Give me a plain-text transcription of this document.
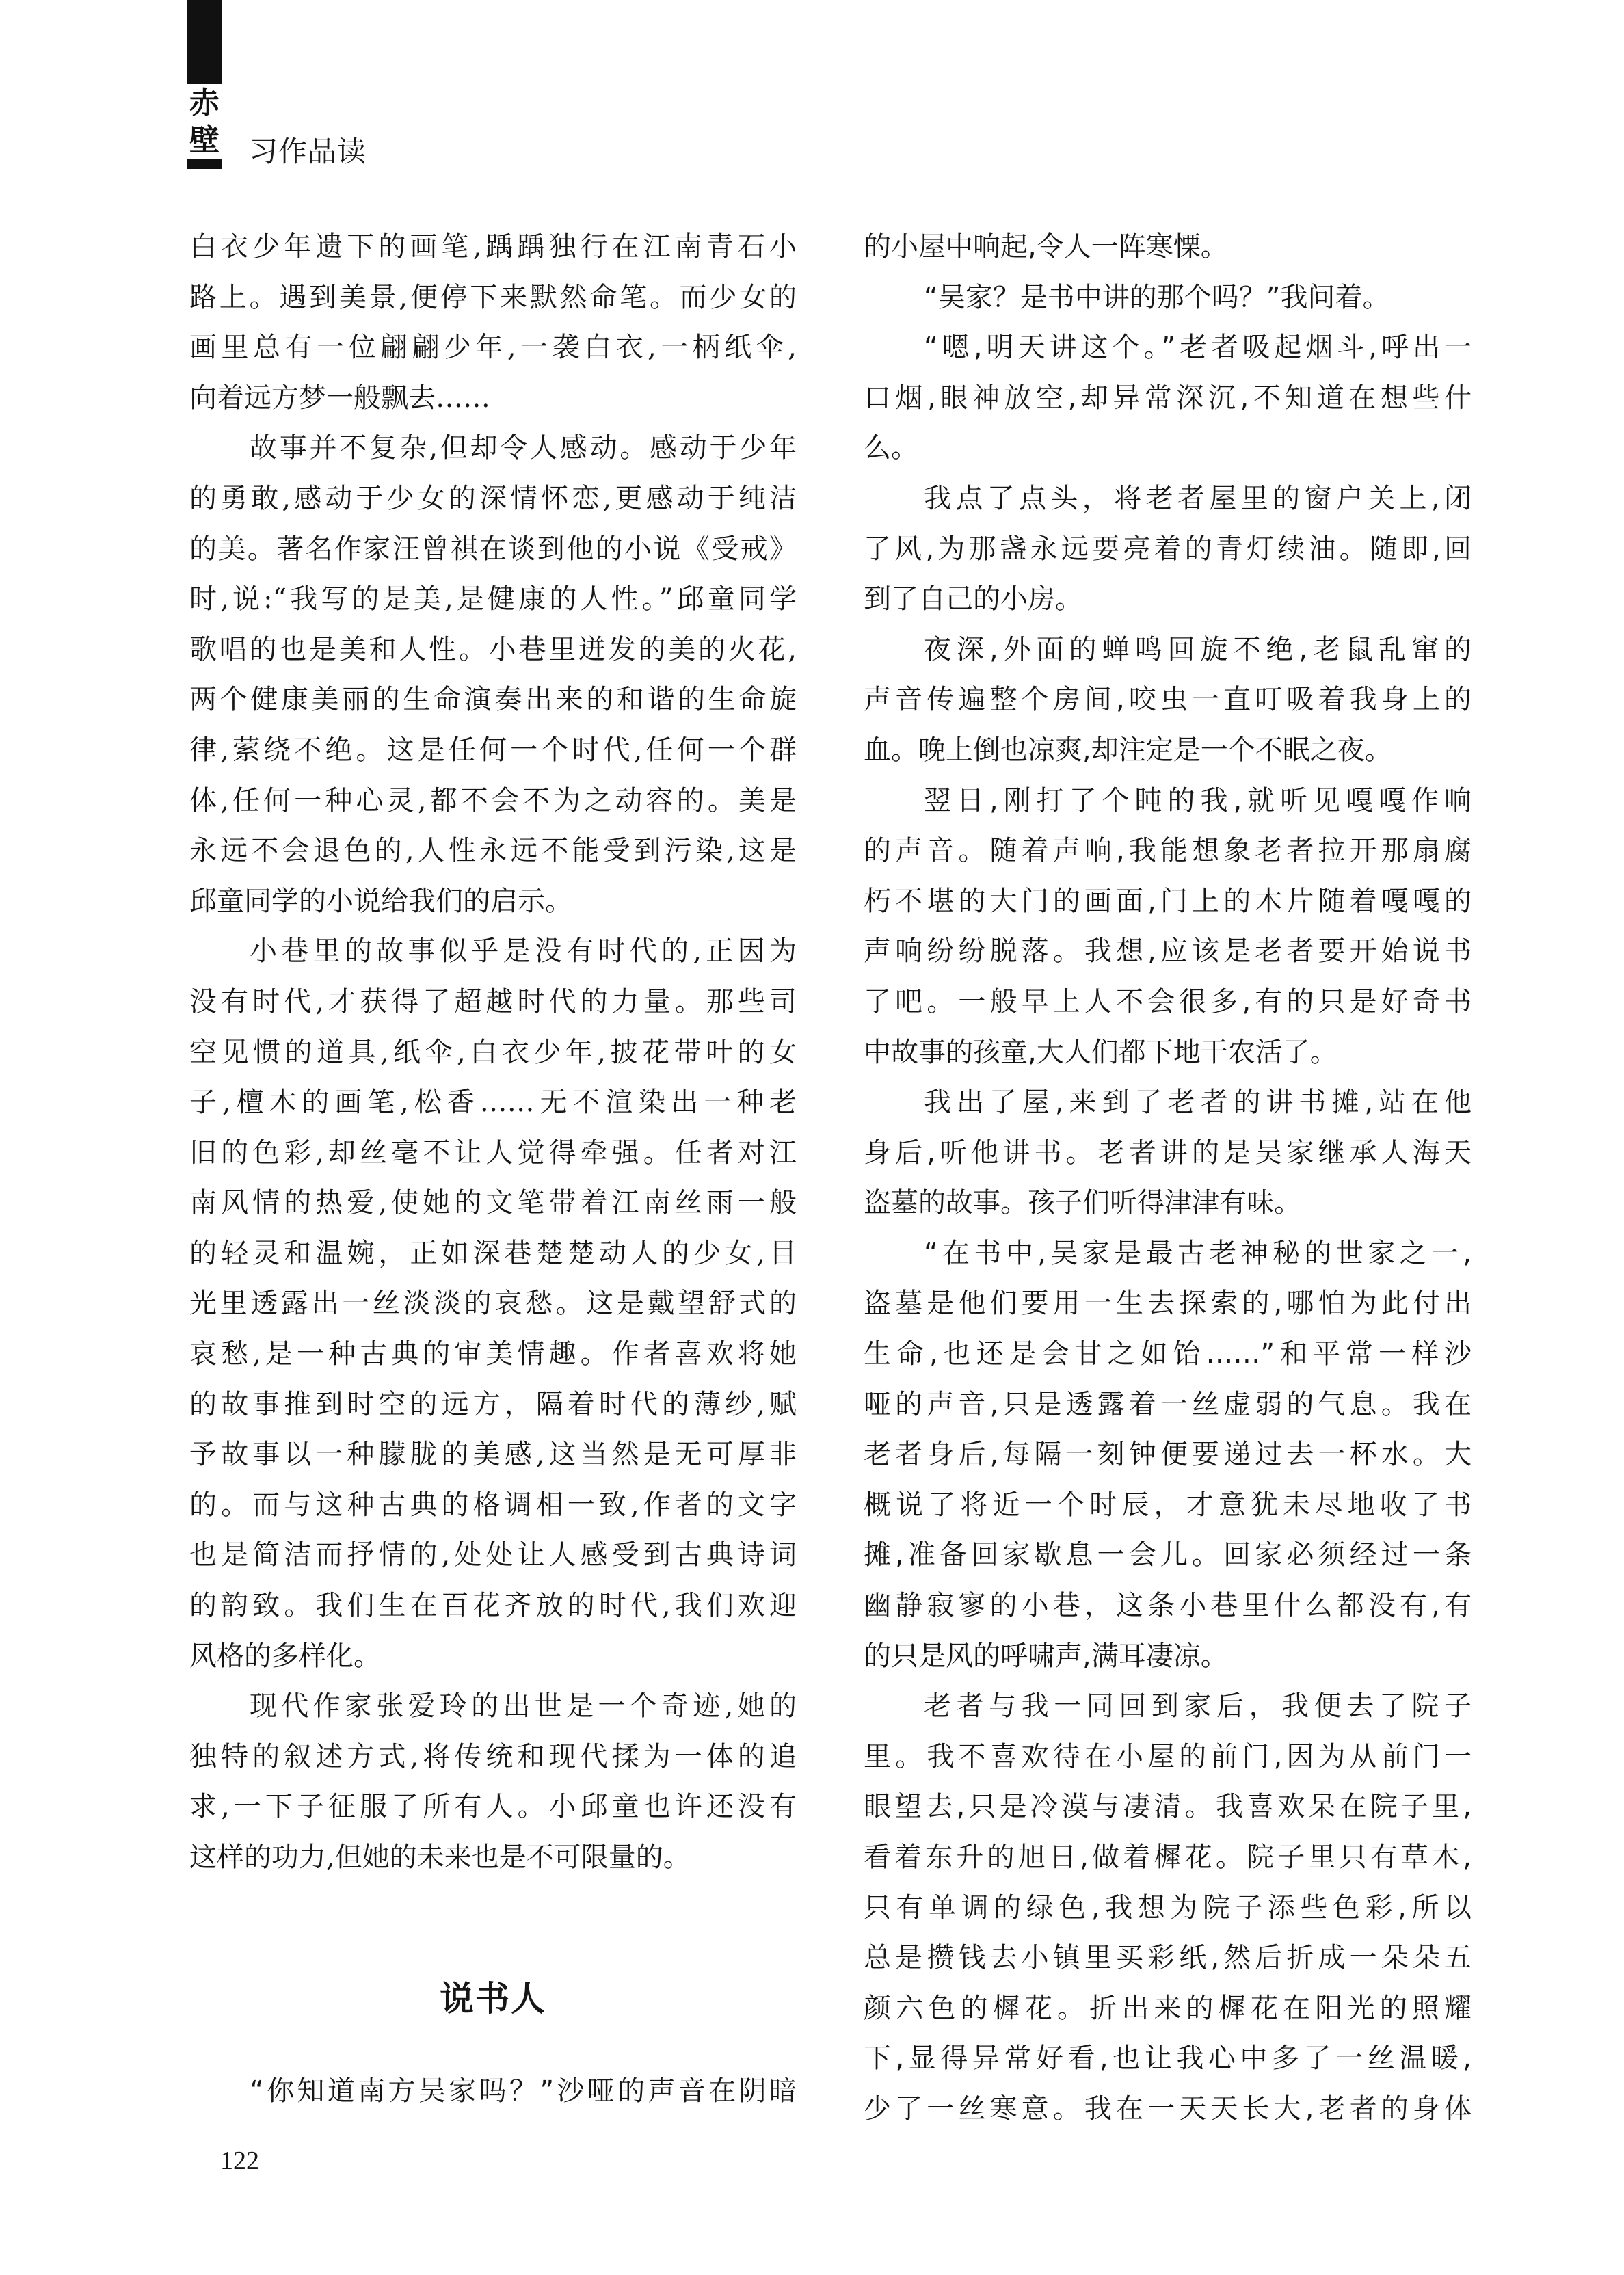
赤
壁 习作品读
白衣少年遗下的画笔,踽踽独行在江南青石小
路上。遇到美景,便停下来默然命笔。而少女的
画里总有一位翩翩少年,一袭白衣,一柄纸伞,
向着远方梦一般飘去……
故事并不复杂,但却令人感动。感动于少年
的勇敢,感动于少女的深情怀恋,更感动于纯洁
的美。著名作家汪曾祺在谈到他的小说《受戒》
时,说:“我写的是美,是健康的人性。”邱童同学
歌唱的也是美和人性。小巷里迸发的美的火花,
两个健康美丽的生命演奏出来的和谐的生命旋
律,萦绕不绝。这是任何一个时代,任何一个群
体,任何一种心灵,都不会不为之动容的。美是
永远不会退色的,人性永远不能受到污染,这是
邱童同学的小说给我们的启示。
小巷里的故事似乎是没有时代的,正因为
没有时代,才获得了超越时代的力量。那些司
空见惯的道具,纸伞,白衣少年,披花带叶的女
子,檀木的画笔,松香……无不渲染出一种老
旧的色彩,却丝毫不让人觉得牵强。任者对江
南风情的热爱,使她的文笔带着江南丝雨一般
的轻灵和温婉，正如深巷楚楚动人的少女,目
光里透露出一丝淡淡的哀愁。这是戴望舒式的
哀愁,是一种古典的审美情趣。作者喜欢将她
的故事推到时空的远方，隔着时代的薄纱,赋
予故事以一种朦胧的美感,这当然是无可厚非
的。而与这种古典的格调相一致,作者的文字
也是简洁而抒情的,处处让人感受到古典诗词
的韵致。我们生在百花齐放的时代,我们欢迎
风格的多样化。
现代作家张爱玲的出世是一个奇迹,她的
独特的叙述方式,将传统和现代揉为一体的追
求,一下子征服了所有人。小邱童也许还没有
这样的功力,但她的未来也是不可限量的。
说书人
“你知道南方吴家吗？”沙哑的声音在阴暗
的小屋中响起,令人一阵寒慄。
“吴家？是书中讲的那个吗？”我问着。
“嗯,明天讲这个。”老者吸起烟斗,呼出一
口烟,眼神放空,却异常深沉,不知道在想些什
么。
我点了点头，将老者屋里的窗户关上,闭
了风,为那盏永远要亮着的青灯续油。随即,回
到了自己的小房。
夜深,外面的蝉鸣回旋不绝,老鼠乱窜的
声音传遍整个房间,咬虫一直叮吸着我身上的
血。晚上倒也凉爽,却注定是一个不眠之夜。
翌日,刚打了个盹的我,就听见嘎嘎作响
的声音。随着声响,我能想象老者拉开那扇腐
朽不堪的大门的画面,门上的木片随着嘎嘎的
声响纷纷脱落。我想,应该是老者要开始说书
了吧。一般早上人不会很多,有的只是好奇书
中故事的孩童,大人们都下地干农活了。
我出了屋,来到了老者的讲书摊,站在他
身后,听他讲书。老者讲的是吴家继承人海天
盗墓的故事。孩子们听得津津有味。
“在书中,吴家是最古老神秘的世家之一,
盗墓是他们要用一生去探索的,哪怕为此付出
生命,也还是会甘之如饴……”和平常一样沙
哑的声音,只是透露着一丝虚弱的气息。我在
老者身后,每隔一刻钟便要递过去一杯水。大
概说了将近一个时辰，才意犹未尽地收了书
摊,准备回家歇息一会儿。回家必须经过一条
幽静寂寥的小巷，这条小巷里什么都没有,有
的只是风的呼啸声,满耳凄凉。
老者与我一同回到家后，我便去了院子
里。我不喜欢待在小屋的前门,因为从前门一
眼望去,只是冷漠与凄清。我喜欢呆在院子里,
看着东升的旭日,做着樨花。院子里只有草木,
只有单调的绿色,我想为院子添些色彩,所以
总是攒钱去小镇里买彩纸,然后折成一朵朵五
颜六色的樨花。折出来的樨花在阳光的照耀
下,显得异常好看,也让我心中多了一丝温暖,
少了一丝寒意。我在一天天长大,老者的身体
122
